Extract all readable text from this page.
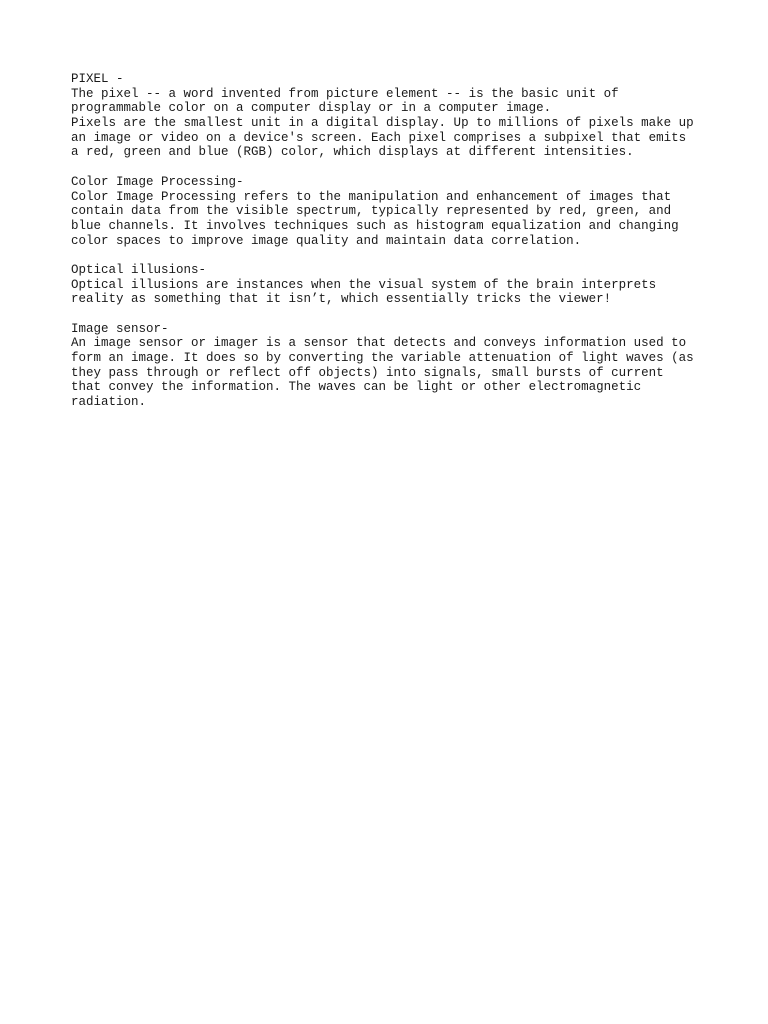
PIXEL -
The pixel -- a word invented from picture element -- is the basic unit of
programmable color on a computer display or in a computer image.
Pixels are the smallest unit in a digital display. Up to millions of pixels make up
an image or video on a device's screen. Each pixel comprises a subpixel that emits
a red, green and blue (RGB) color, which displays at different intensities.
Color Image Processing-
Color Image Processing refers to the manipulation and enhancement of images that
contain data from the visible spectrum, typically represented by red, green, and
blue channels. It involves techniques such as histogram equalization and changing
color spaces to improve image quality and maintain data correlation.
Optical illusions-
Optical illusions are instances when the visual system of the brain interprets
reality as something that it isn’t, which essentially tricks the viewer!
Image sensor-
An image sensor or imager is a sensor that detects and conveys information used to
form an image. It does so by converting the variable attenuation of light waves (as
they pass through or reflect off objects) into signals, small bursts of current
that convey the information. The waves can be light or other electromagnetic
radiation.
